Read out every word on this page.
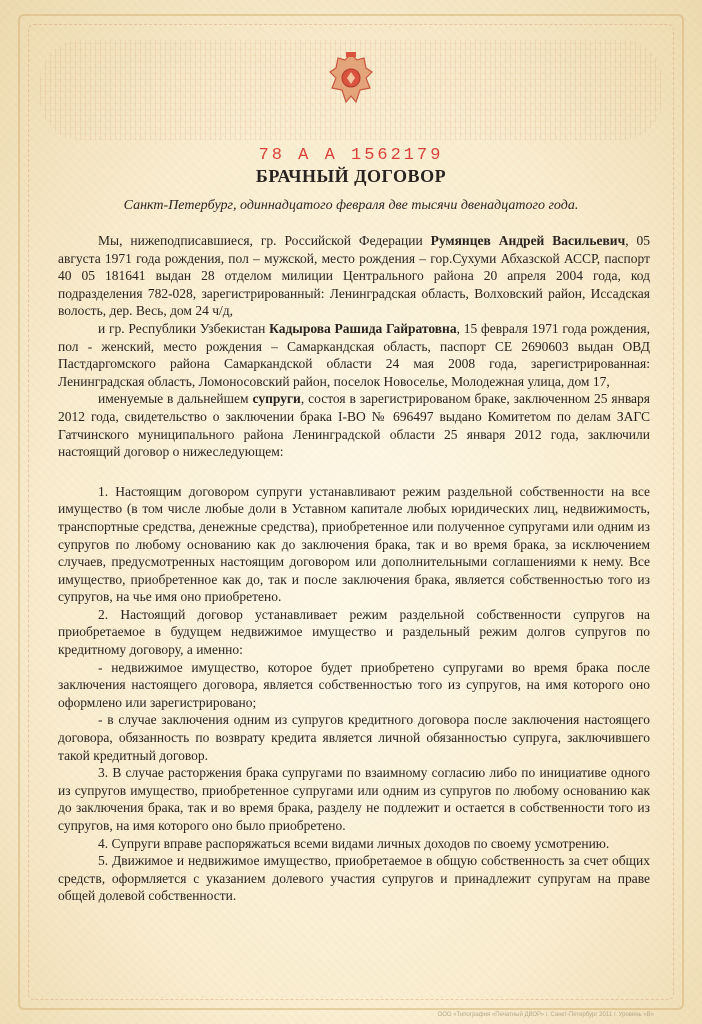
78 А А 1562179
БРАЧНЫЙ ДОГОВОР
Санкт-Петербург, одиннадцатого февраля две тысячи двенадцатого года.

Мы, нижеподписавшиеся, гр. Российской Федерации Румянцев Андрей Васильевич, 05 августа 1971 года рождения, пол – мужской, место рождения – гор.Сухуми Абхазской АССР, паспорт 40 05 181641 выдан 28 отделом милиции Центрального района 20 апреля 2004 года, код подразделения 782-028, зарегистрированный: Ленинградская область, Волховский район, Иссадская волость, дер. Весь, дом 24 ч/д,

и гр. Республики Узбекистан Кадырова Рашида Гайратовна, 15 февраля 1971 года рождения, пол - женский, место рождения – Самаркандская область, паспорт СЕ 2690603 выдан ОВД Пастдаргомского района Самаркандской области 24 мая 2008 года, зарегистрированная: Ленинградская область, Ломоносовский район, поселок Новоселье, Молодежная улица, дом 17,

именуемые в дальнейшем супруги, состоя в зарегистрированом браке, заключенном 25 января 2012 года, свидетельство о заключении брака I-ВО № 696497 выдано Комитетом по делам ЗАГС Гатчинского муниципального района Ленинградской области 25 января 2012 года, заключили настоящий договор о нижеследующем:

1. Настоящим договором супруги устанавливают режим раздельной собственности на все имущество (в том числе любые доли в Уставном капитале любых юридических лиц, недвижимость, транспортные средства, денежные средства), приобретенное или полученное супругами или одним из супругов по любому основанию как до заключения брака, так и во время брака, за исключением случаев, предусмотренных настоящим договором или дополнительными соглашениями к нему. Все имущество, приобретенное как до, так и после заключения брака, является собственностью того из супругов, на чье имя оно приобретено.

2. Настоящий договор устанавливает режим раздельной собственности супругов на приобретаемое в будущем недвижимое имущество и раздельный режим долгов супругов по кредитному договору, а именно:

- недвижимое имущество, которое будет приобретено супругами во время брака после заключения настоящего договора, является собственностью того из супругов, на имя которого оно оформлено или зарегистрировано;

- в случае заключения одним из супругов кредитного договора после заключения настоящего договора, обязанность по возврату кредита является личной обязанностью супруга, заключившего такой кредитный договор.

3. В случае расторжения брака супругами по взаимному согласию либо по инициативе одного из супругов имущество, приобретенное супругами или одним из супругов по любому основанию как до заключения брака, так и во время брака, разделу не подлежит и остается в собственности того из супругов, на имя которого оно было приобретено.

4. Супруги вправе распоряжаться всеми видами личных доходов по своему усмотрению.

5. Движимое и недвижимое имущество, приобретаемое в общую собственность за счет общих средств, оформляется с указанием долевого участия супругов и принадлежит супругам на праве общей долевой собственности.

ООО «Типография «Печатный ДВОР» г. Санкт-Петербург 2011 г. Уровень «В»
